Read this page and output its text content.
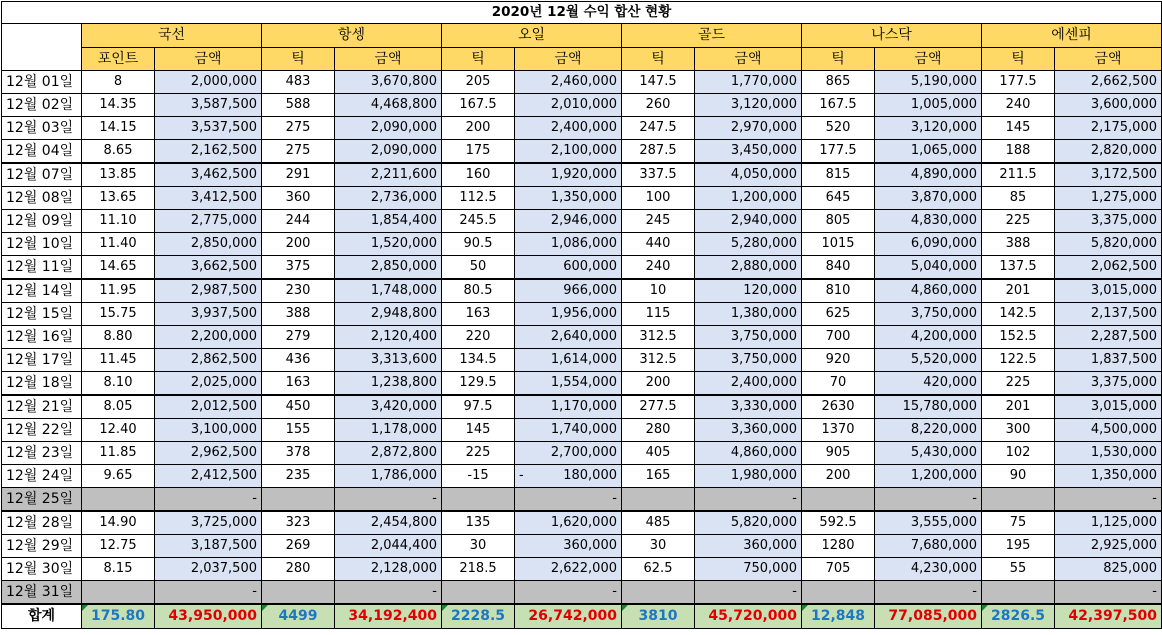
2020년 12월 수익 합산 현황												
	국선		항셍		오일		골드		나스닥		에센피	
	포인트	금액	틱	금액	틱	금액	틱	금액	틱	금액	틱	금액
12월 01일	8	2,000,000	483	3,670,800	205	2,460,000	147.5	1,770,000	865	5,190,000	177.5	2,662,500
12월 02일	14.35	3,587,500	588	4,468,800	167.5	2,010,000	260	3,120,000	167.5	1,005,000	240	3,600,000
12월 03일	14.15	3,537,500	275	2,090,000	200	2,400,000	247.5	2,970,000	520	3,120,000	145	2,175,000
12월 04일	8.65	2,162,500	275	2,090,000	175	2,100,000	287.5	3,450,000	177.5	1,065,000	188	2,820,000
12월 07일	13.85	3,462,500	291	2,211,600	160	1,920,000	337.5	4,050,000	815	4,890,000	211.5	3,172,500
12월 08일	13.65	3,412,500	360	2,736,000	112.5	1,350,000	100	1,200,000	645	3,870,000	85	1,275,000
12월 09일	11.10	2,775,000	244	1,854,400	245.5	2,946,000	245	2,940,000	805	4,830,000	225	3,375,000
12월 10일	11.40	2,850,000	200	1,520,000	90.5	1,086,000	440	5,280,000	1015	6,090,000	388	5,820,000
12월 11일	14.65	3,662,500	375	2,850,000	50	600,000	240	2,880,000	840	5,040,000	137.5	2,062,500
12월 14일	11.95	2,987,500	230	1,748,000	80.5	966,000	10	120,000	810	4,860,000	201	3,015,000
12월 15일	15.75	3,937,500	388	2,948,800	163	1,956,000	115	1,380,000	625	3,750,000	142.5	2,137,500
12월 16일	8.80	2,200,000	279	2,120,400	220	2,640,000	312.5	3,750,000	700	4,200,000	152.5	2,287,500
12월 17일	11.45	2,862,500	436	3,313,600	134.5	1,614,000	312.5	3,750,000	920	5,520,000	122.5	1,837,500
12월 18일	8.10	2,025,000	163	1,238,800	129.5	1,554,000	200	2,400,000	70	420,000	225	3,375,000
12월 21일	8.05	2,012,500	450	3,420,000	97.5	1,170,000	277.5	3,330,000	2630	15,780,000	201	3,015,000
12월 22일	12.40	3,100,000	155	1,178,000	145	1,740,000	280	3,360,000	1370	8,220,000	300	4,500,000
12월 23일	11.85	2,962,500	378	2,872,800	225	2,700,000	405	4,860,000	905	5,430,000	102	1,530,000
12월 24일	9.65	2,412,500	235	1,786,000	-15	- 180,000	165	1,980,000	200	1,200,000	90	1,350,000
12월 25일		-		-		-		-		-		-
12월 28일	14.90	3,725,000	323	2,454,800	135	1,620,000	485	5,820,000	592.5	3,555,000	75	1,125,000
12월 29일	12.75	3,187,500	269	2,044,400	30	360,000	30	360,000	1280	7,680,000	195	2,925,000
12월 30일	8.15	2,037,500	280	2,128,000	218.5	2,622,000	62.5	750,000	705	4,230,000	55	825,000
12월 31일		-		-		-		-		-		-
합계	175.80	43,950,000	4499	34,192,400	2228.5	26,742,000	3810	45,720,000	12,848	77,085,000	2826.5	42,397,500
